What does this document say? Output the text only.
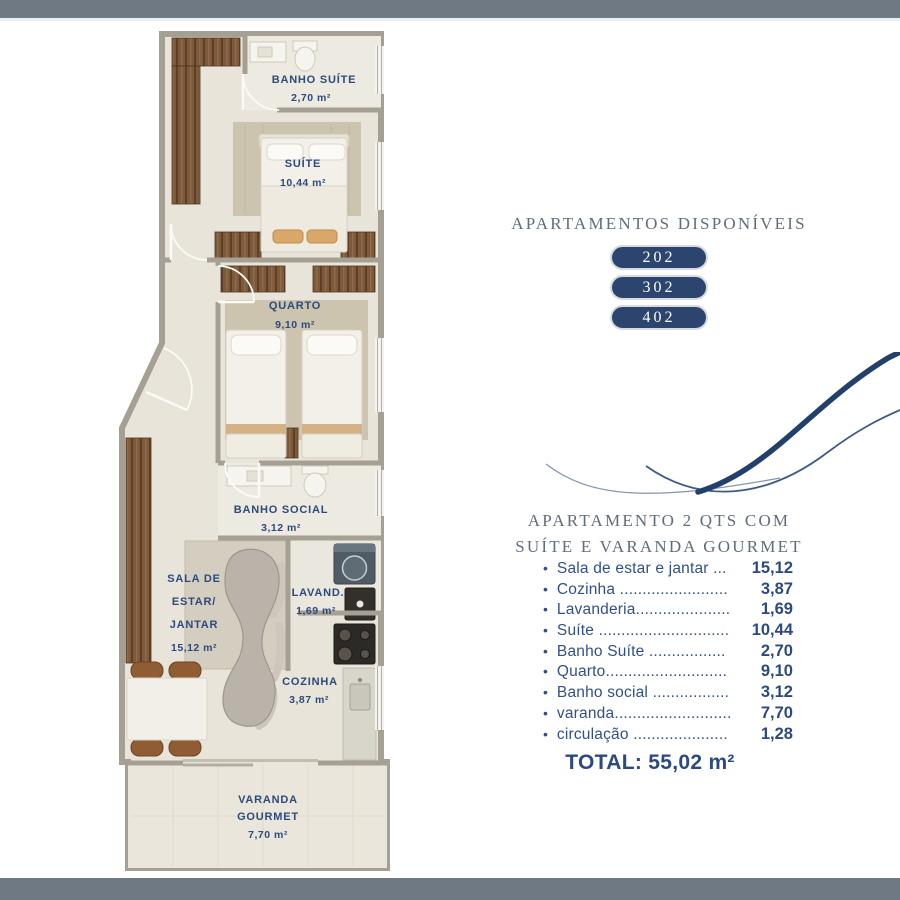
BANHO SUÍTE
2,70 m²
SUÍTE
10,44 m²
QUARTO
9,10 m²
BANHO SOCIAL
3,12 m²
SALA DE
ESTAR/
JANTAR
15,12 m²
LAVAND.
1,69 m²
COZINHA
3,87 m²
VARANDA
GOURMET
7,70 m²
APARTAMENTOS DISPONÍVEIS
202
302
402
APARTAMENTO 2 QTS COM
SUÍTE E VARANDA GOURMET
• Sala de estar e jantar ... 15,12
• Cozinha ........................ 3,87
• Lavanderia..................... 1,69
• Suíte ............................. 10,44
• Banho Suíte ................. 2,70
• Quarto........................... 9,10
• Banho social ................. 3,12
• varanda.......................... 7,70
• circulação ..................... 1,28
TOTAL: 55,02 m²
